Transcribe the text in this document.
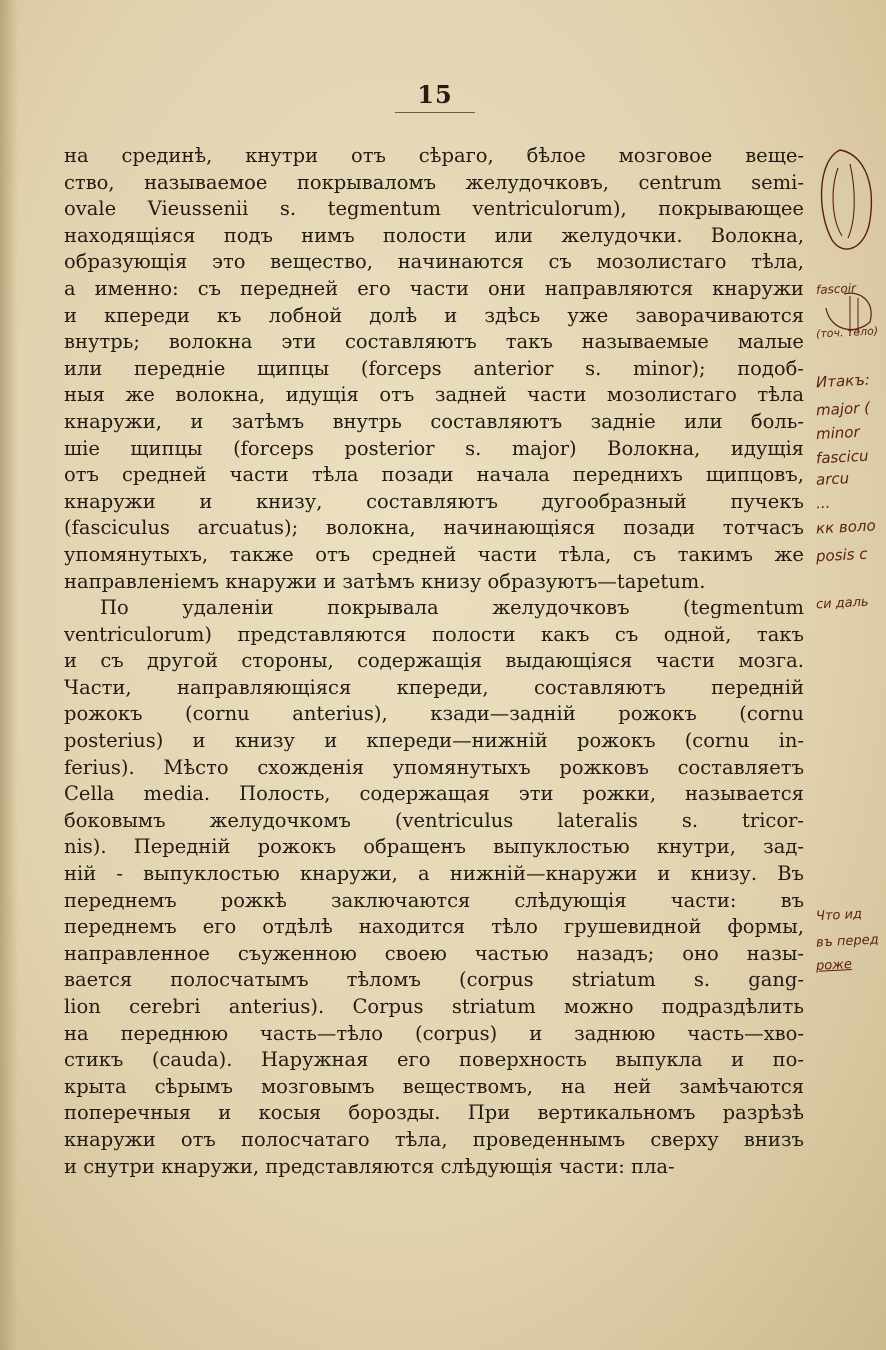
15
на срединѣ, кнутри отъ сѣраго, бѣлое мозговое веще-
ство, называемое покрываломъ желудочковъ, centrum semi-
ovale Vieussenii s. tegmentum ventriculorum), покрывающее
находящіяся подъ нимъ полости или желудочки. Волокна,
образующія это вещество, начинаются съ мозолистаго тѣла,
а именно: съ передней его части они направляются кнаружи
и кпереди къ лобной долѣ и здѣсь уже заворачиваются
внутрь; волокна эти составляютъ такъ называемые малые
или передніе щипцы (forceps anterior s. minor); подоб-
ныя же волокна, идущія отъ задней части мозолистаго тѣла
кнаружи, и затѣмъ внутрь составляютъ задніе или боль-
шіе щипцы (forceps posterior s. major) Волокна, идущія
отъ средней части тѣла позади начала переднихъ щипцовъ,
кнаружи и книзу, составляютъ дугообразный пучекъ
(fasciculus arcuatus); волокна, начинающіяся позади тотчасъ
упомянутыхъ, также отъ средней части тѣла, съ такимъ же
направленіемъ кнаружи и затѣмъ книзу образуютъ—tapetum.
По	удаленіи	покрывала	желудочковъ	(tegmentum
ventriculorum) представляются полости какъ съ одной, такъ
и съ другой стороны, содержащія выдающіяся части мозга.
Части, направляющіяся кпереди, составляютъ передній
рожокъ (cornu anterius), кзади—задній рожокъ (cornu
posterius) и книзу и кпереди—нижній рожокъ (cornu in-
ferius). Мѣсто схожденія упомянутыхъ рожковъ составляетъ
Cella media. Полость, содержащая эти рожки, называется
боковымъ желудочкомъ (ventriculus lateralis s. tricor-
nis). Передній рожокъ обращенъ выпуклостью кнутри, зад-
ній - выпуклостью кнаружи, а нижній—кнаружи и книзу. Въ
переднемъ рожкѣ заключаются слѣдующія части: въ
переднемъ его отдѣлѣ находится тѣло грушевидной формы,
направленное съуженною своею частью назадъ; оно назы-
вается полосчатымъ тѣломъ (corpus striatum s. gang-
lion cerebri anterius). Corpus striatum можно подраздѣлить
на переднюю часть—тѣло (corpus) и заднюю часть—хво-
стикъ (cauda). Наружная его поверхность выпукла и по-
крыта сѣрымъ мозговымъ веществомъ, на ней замѣчаются
поперечныя и косыя борозды. При вертикальномъ разрѣзѣ
кнаружи отъ полосчатаго тѣла, проведеннымъ сверху внизъ
и снутри кнаружи, представляются слѣдующія части: пла-
fascoir
(точ. тело)
Итакъ:
major (
minor
fascicu
arcu
...
кк воло
posis c
си даль
Что ид
въ перед
роже
